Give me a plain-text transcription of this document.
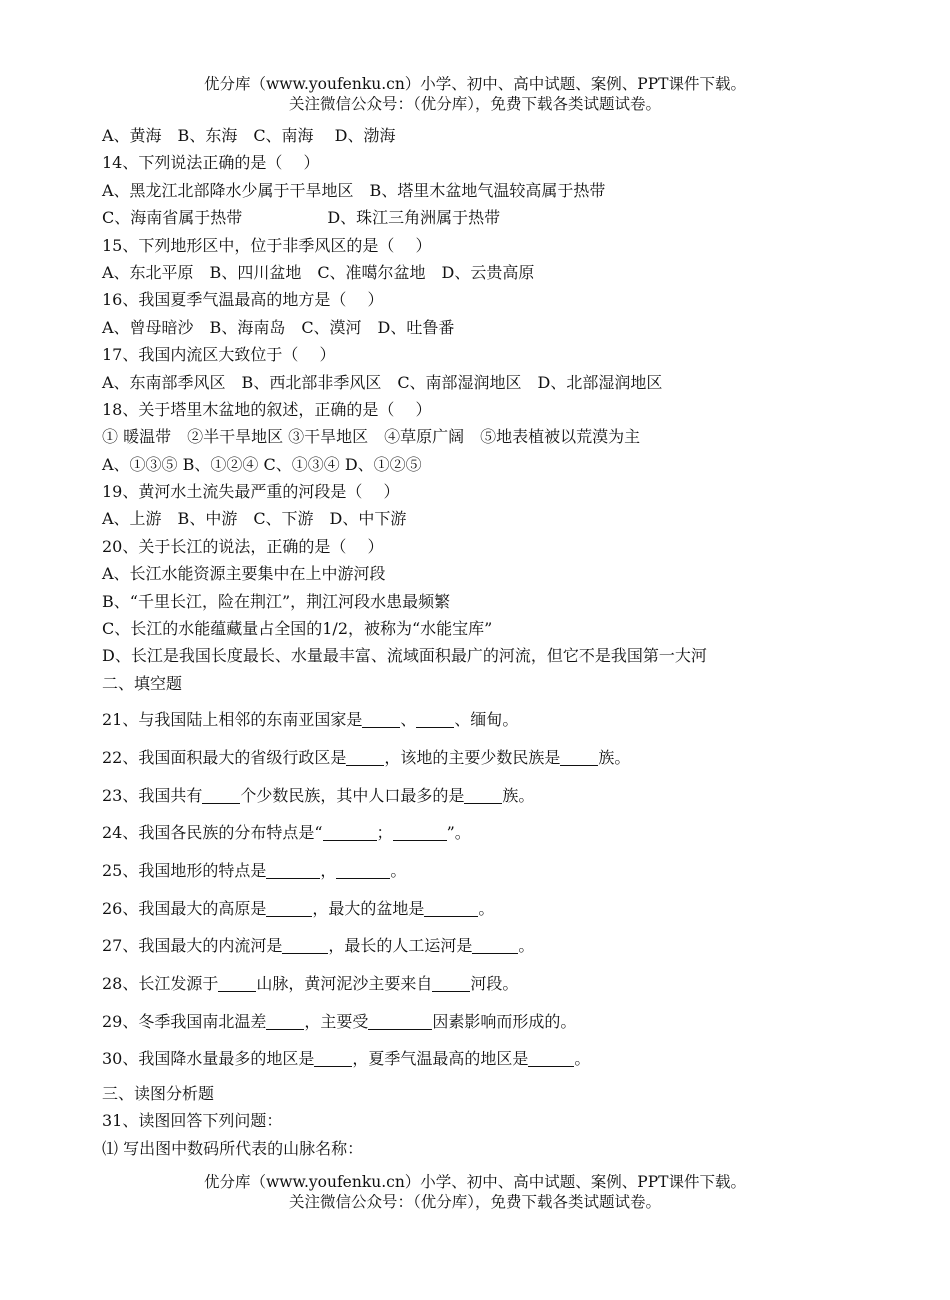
优分库（www.youfenku.cn）小学、初中、高中试题、案例、PPT课件下载。
关注微信公众号：（优分库），免费下载各类试题试卷。
A、黄海　B、东海　C、南海　 D、渤海
14、下列说法正确的是（　 ）
A、黑龙江北部降水少属于干旱地区　B、塔里木盆地气温较高属于热带
C、海南省属于热带　　　　　 D、珠江三角洲属于热带
15、下列地形区中，位于非季风区的是（　 ）
A、东北平原　B、四川盆地　C、准噶尔盆地　D、云贵高原
16、我国夏季气温最高的地方是（　 ）
A、曾母暗沙　B、海南岛　C、漠河　D、吐鲁番
17、我国内流区大致位于（　 ）
A、东南部季风区　B、西北部非季风区　C、南部湿润地区　D、北部湿润地区
18、关于塔里木盆地的叙述，正确的是（　 ）
① 暖温带　②半干旱地区 ③干旱地区　④草原广阔　⑤地表植被以荒漠为主
A、①③⑤ B、①②④ C、①③④ D、①②⑤
19、黄河水土流失最严重的河段是（　 ）
A、上游　B、中游　C、下游　D、中下游
20、关于长江的说法，正确的是（　 ）
A、长江水能资源主要集中在上中游河段
B、“千里长江，险在荆江”，荆江河段水患最频繁
C、长江的水能蕴藏量占全国的1/2，被称为“水能宝库”
D、长江是我国长度最长、水量最丰富、流域面积最广的河流，但它不是我国第一大河
二、填空题
21、与我国陆上相邻的东南亚国家是 、 、缅甸。
22、我国面积最大的省级行政区是 ，该地的主要少数民族是 族。
23、我国共有 个少数民族，其中人口最多的是 族。
24、我国各民族的分布特点是“	；	”。
25、我国地形的特点是	，	。
26、我国最大的高原是	，最大的盆地是	。
27、我国最大的内流河是	，最长的人工运河是	。
28、长江发源于 山脉，黄河泥沙主要来自 河段。
29、冬季我国南北温差 ，主要受	因素影响而形成的。
30、我国降水量最多的地区是 ，夏季气温最高的地区是	。
三、读图分析题
31、读图回答下列问题：
⑴ 写出图中数码所代表的山脉名称：
优分库（www.youfenku.cn）小学、初中、高中试题、案例、PPT课件下载。
关注微信公众号：（优分库），免费下载各类试题试卷。
